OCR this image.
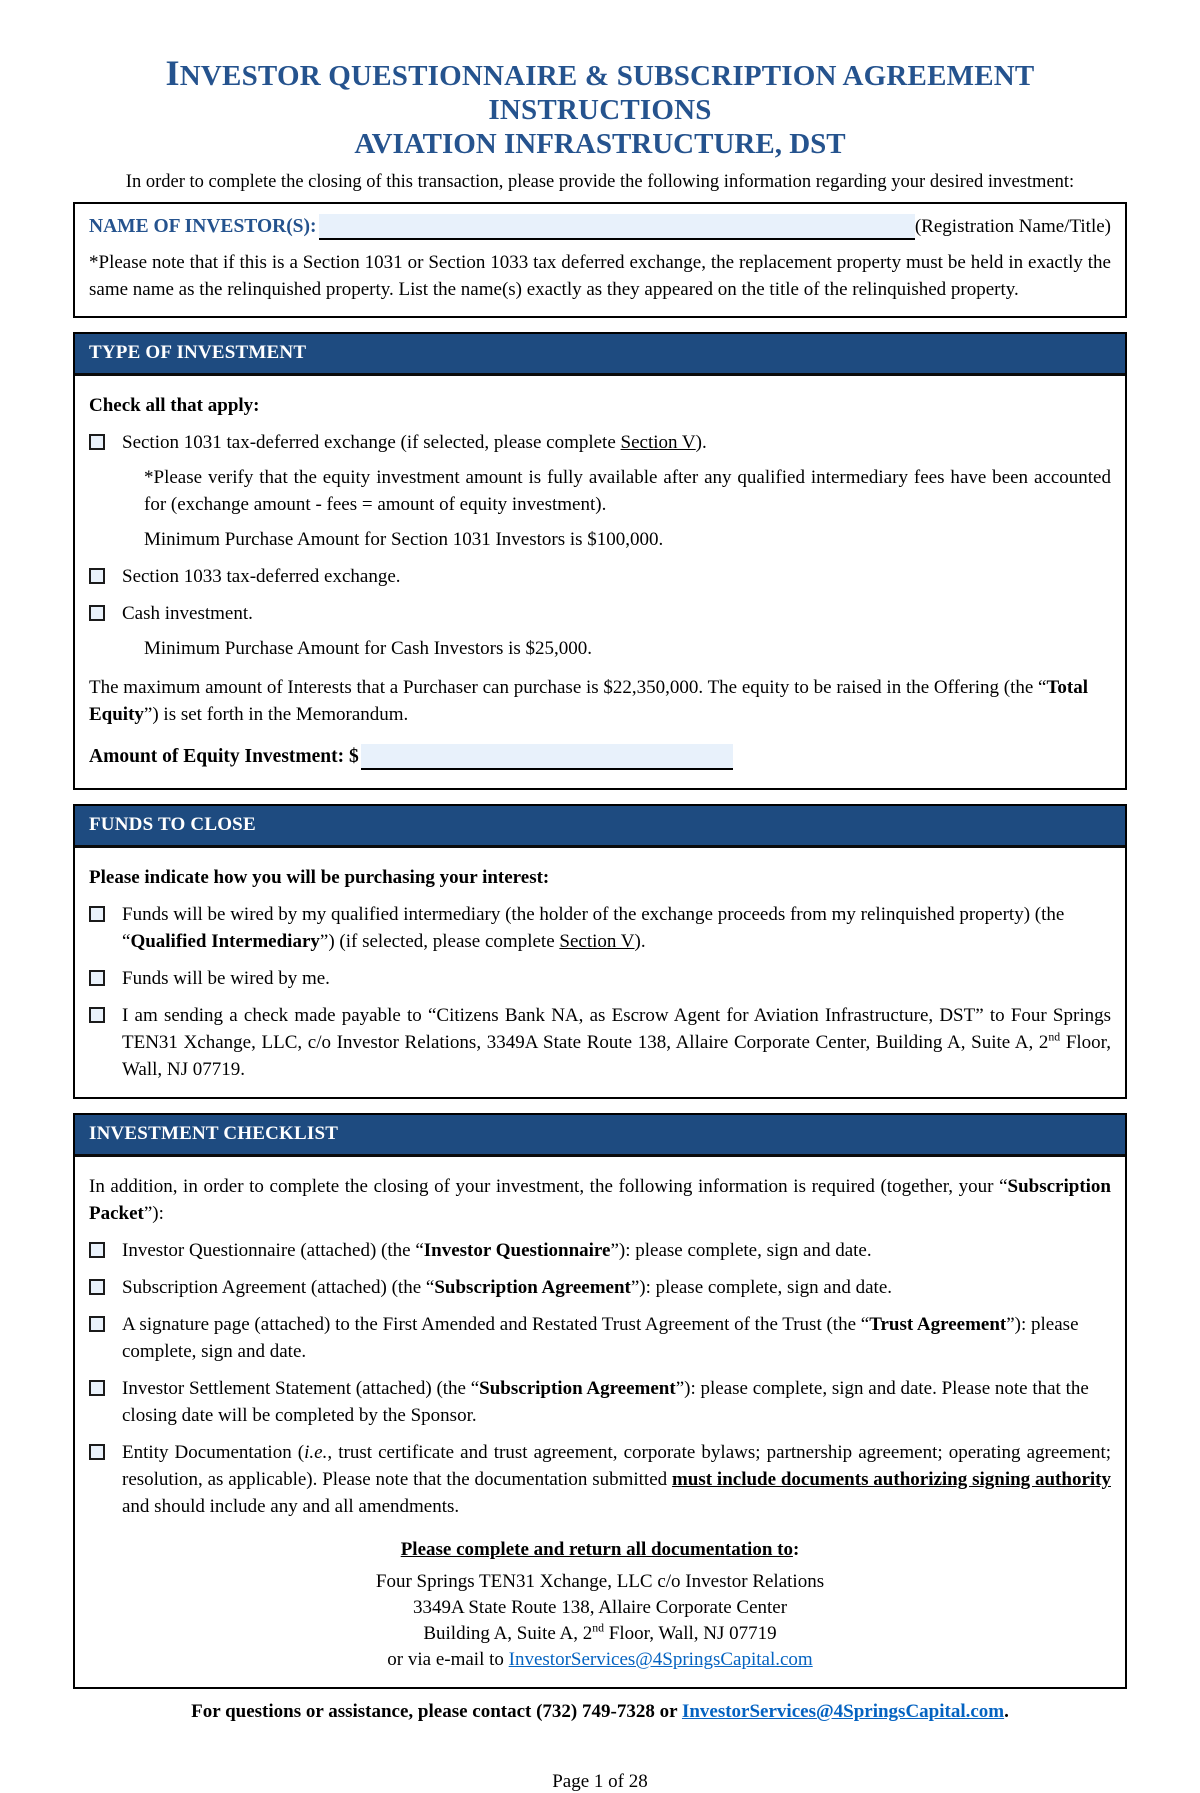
INVESTOR QUESTIONNAIRE & SUBSCRIPTION AGREEMENT INSTRUCTIONS
AVIATION INFRASTRUCTURE, DST
In order to complete the closing of this transaction, please provide the following information regarding your desired investment:
NAME OF INVESTOR(S):	(Registration Name/Title)
*Please note that if this is a Section 1031 or Section 1033 tax deferred exchange, the replacement property must be held in exactly the same name as the relinquished property. List the name(s) exactly as they appeared on the title of the relinquished property.
TYPE OF INVESTMENT
Check all that apply:
Section 1031 tax-deferred exchange (if selected, please complete Section V).
*Please verify that the equity investment amount is fully available after any qualified intermediary fees have been accounted for (exchange amount - fees = amount of equity investment).
Minimum Purchase Amount for Section 1031 Investors is $100,000.
Section 1033 tax-deferred exchange.
Cash investment.
Minimum Purchase Amount for Cash Investors is $25,000.
The maximum amount of Interests that a Purchaser can purchase is $22,350,000. The equity to be raised in the Offering (the “Total Equity”) is set forth in the Memorandum.
Amount of Equity Investment: $
FUNDS TO CLOSE
Please indicate how you will be purchasing your interest:
Funds will be wired by my qualified intermediary (the holder of the exchange proceeds from my relinquished property) (the “Qualified Intermediary”) (if selected, please complete Section V).
Funds will be wired by me.
I am sending a check made payable to “Citizens Bank NA, as Escrow Agent for Aviation Infrastructure, DST” to Four Springs TEN31 Xchange, LLC, c/o Investor Relations, 3349A State Route 138, Allaire Corporate Center, Building A, Suite A, 2nd Floor, Wall, NJ 07719.
INVESTMENT CHECKLIST
In addition, in order to complete the closing of your investment, the following information is required (together, your “Subscription Packet”):
Investor Questionnaire (attached) (the “Investor Questionnaire”): please complete, sign and date.
Subscription Agreement (attached) (the “Subscription Agreement”): please complete, sign and date.
A signature page (attached) to the First Amended and Restated Trust Agreement of the Trust (the “Trust Agreement”): please complete, sign and date.
Investor Settlement Statement (attached) (the “Subscription Agreement”): please complete, sign and date. Please note that the closing date will be completed by the Sponsor.
Entity Documentation (i.e., trust certificate and trust agreement, corporate bylaws; partnership agreement; operating agreement; resolution, as applicable). Please note that the documentation submitted must include documents authorizing signing authority and should include any and all amendments.
Please complete and return all documentation to:
Four Springs TEN31 Xchange, LLC c/o Investor Relations
3349A State Route 138, Allaire Corporate Center
Building A, Suite A, 2nd Floor, Wall, NJ 07719
or via e-mail to InvestorServices@4SpringsCapital.com
For questions or assistance, please contact (732) 749-7328 or InvestorServices@4SpringsCapital.com.
Page 1 of 28
